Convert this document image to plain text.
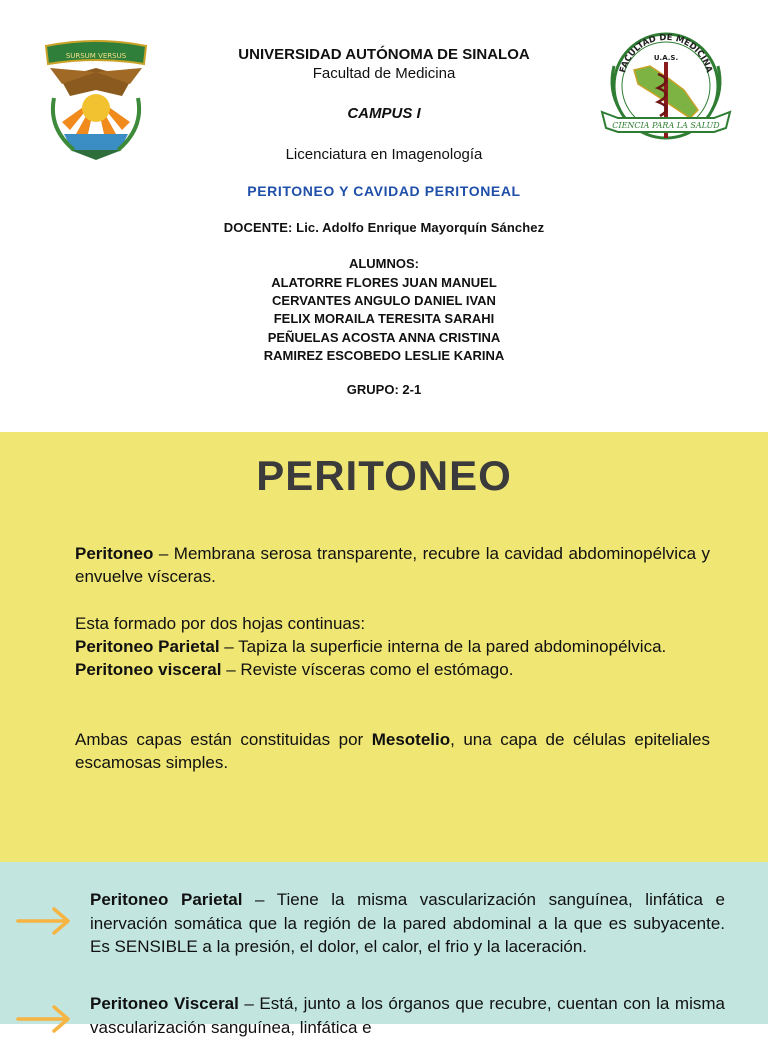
SURSUM VERSUS
FACULTAD DE MEDICINA
U.A.S.
CIENCIA PARA LA SALUD
UNIVERSIDAD AUTÓNOMA DE SINALOA
Facultad de Medicina
CAMPUS I
Licenciatura en Imagenología
PERITONEO Y CAVIDAD PERITONEAL
DOCENTE: Lic. Adolfo Enrique Mayorquín Sánchez
ALUMNOS:
ALATORRE FLORES JUAN MANUEL
CERVANTES ANGULO DANIEL IVAN
FELIX MORAILA TERESITA SARAHI
PEÑUELAS ACOSTA ANNA CRISTINA
RAMIREZ ESCOBEDO LESLIE KARINA
GRUPO: 2-1
PERITONEO

Peritoneo – Membrana serosa transparente, recubre la cavidad abdominopélvica y envuelve vísceras.

Esta formado por dos hojas continuas:

Peritoneo Parietal – Tapiza la superficie interna de la pared abdominopélvica.

Peritoneo visceral – Reviste vísceras como el estómago.

Ambas capas están constituidas por Mesotelio, una capa de células epiteliales escamosas simples.

Peritoneo Parietal – Tiene la misma vascularización sanguínea, linfática e inervación somática que la región de la pared abdominal a la que es subyacente. Es SENSIBLE a la presión, el dolor, el calor, el frio y la laceración.

Peritoneo Visceral – Está, junto a los órganos que recubre, cuentan con la misma vascularización sanguínea, linfática e
